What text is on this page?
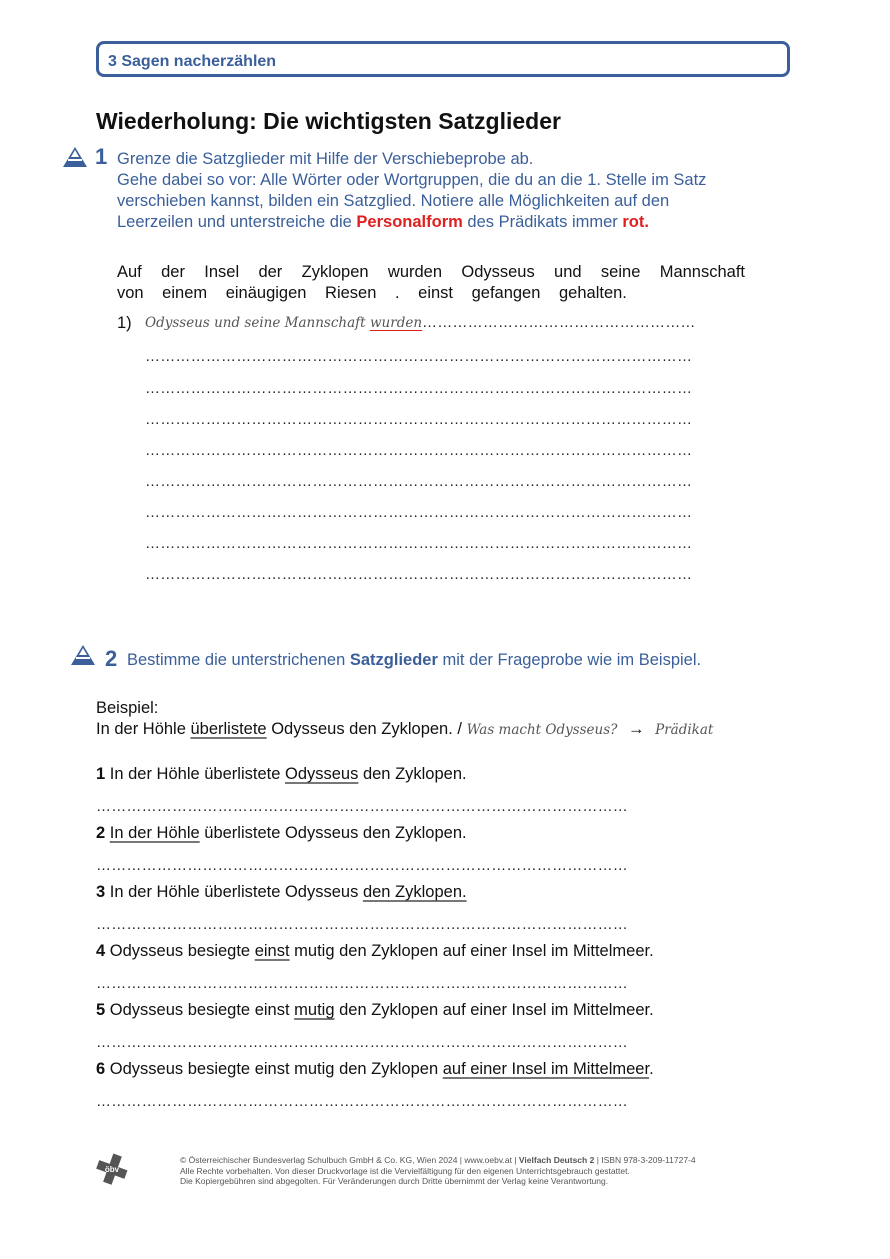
3 Sagen nacherzählen
Wiederholung: Die wichtigsten Satzglieder
1 Grenze die Satzglieder mit Hilfe der Verschiebeprobe ab.
Gehe dabei so vor: Alle Wörter oder Wortgruppen, die du an die 1. Stelle im Satz
verschieben kannst, bilden ein Satzglied. Notiere alle Möglichkeiten auf den
Leerzeilen und unterstreiche die Personalform des Prädikats immer rot.
Auf der Insel der Zyklopen wurden Odysseus und seine Mannschaft
von einem einäugigen Riesen . einst gefangen gehalten.
1) Odysseus und seine Mannschaft wurden………………………………………………
………………………………………………………………………………………………
………………………………………………………………………………………………
………………………………………………………………………………………………
………………………………………………………………………………………………
………………………………………………………………………………………………
………………………………………………………………………………………………
………………………………………………………………………………………………
………………………………………………………………………………………………
2 Bestimme die unterstrichenen Satzglieder mit der Frageprobe wie im Beispiel.
Beispiel:
In der Höhle überlistete Odysseus den Zyklopen. / Was macht Odysseus? → Prädikat
1 In der Höhle überlistete Odysseus den Zyklopen.
……………………………………………………………………………………………
2 In der Höhle überlistete Odysseus den Zyklopen.
……………………………………………………………………………………………
3 In der Höhle überlistete Odysseus den Zyklopen.
……………………………………………………………………………………………
4 Odysseus besiegte einst mutig den Zyklopen auf einer Insel im Mittelmeer.
……………………………………………………………………………………………
5 Odysseus besiegte einst mutig den Zyklopen auf einer Insel im Mittelmeer.
……………………………………………………………………………………………
6 Odysseus besiegte einst mutig den Zyklopen auf einer Insel im Mittelmeer.
……………………………………………………………………………………………
öbv
© Österreichischer Bundesverlag Schulbuch GmbH & Co. KG, Wien 2024 | www.oebv.at | Vielfach Deutsch 2 | ISBN 978-3-209-11727-4
Alle Rechte vorbehalten. Von dieser Druckvorlage ist die Vervielfältigung für den eigenen Unterrichtsgebrauch gestattet.
Die Kopiergebühren sind abgegolten. Für Veränderungen durch Dritte übernimmt der Verlag keine Verantwortung.
